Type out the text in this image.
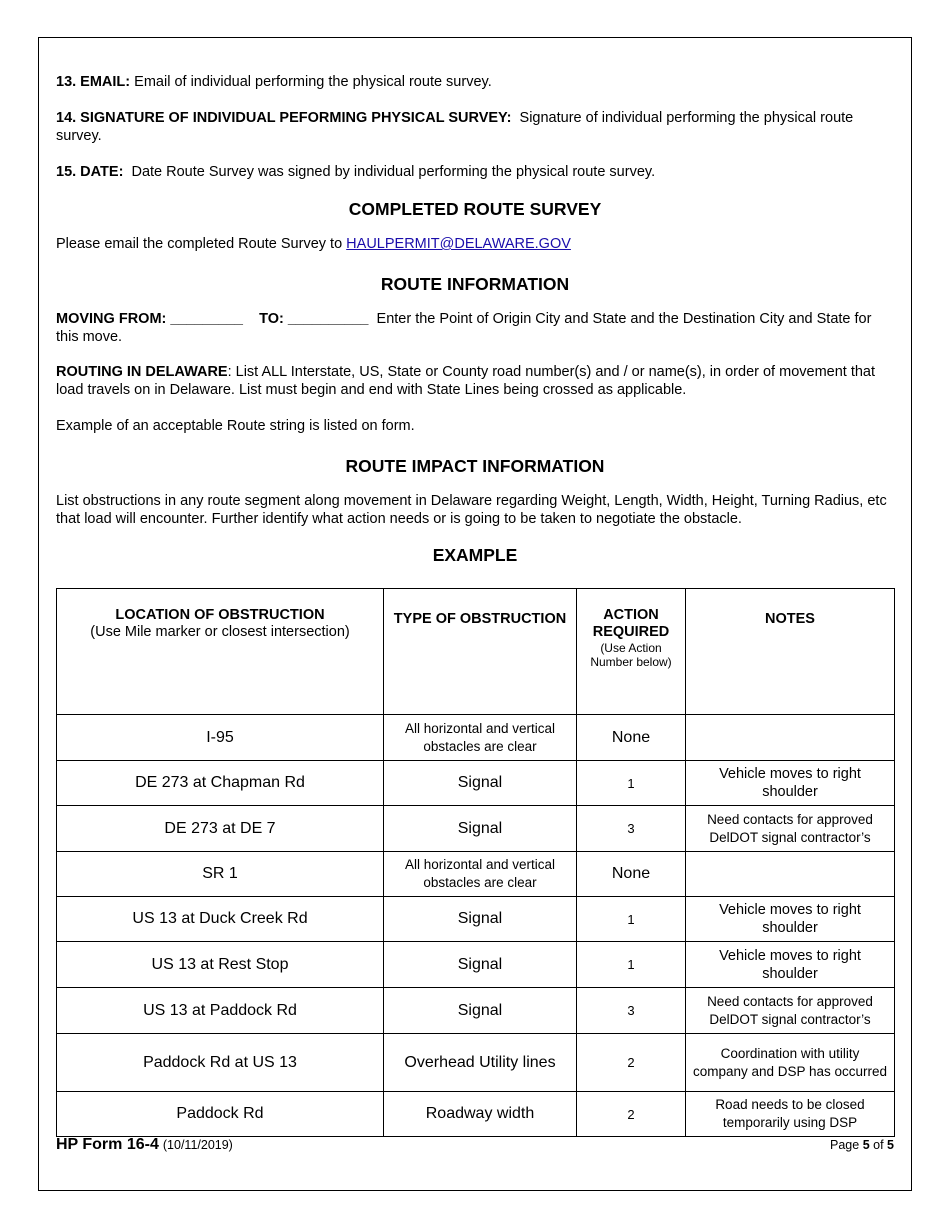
13. EMAIL: Email of individual performing the physical route survey.
14. SIGNATURE OF INDIVIDUAL PEFORMING PHYSICAL SURVEY: Signature of individual performing the physical route survey.
15. DATE: Date Route Survey was signed by individual performing the physical route survey.
COMPLETED ROUTE SURVEY
Please email the completed Route Survey to HAULPERMIT@DELAWARE.GOV
ROUTE INFORMATION
MOVING FROM: _________ TO: __________ Enter the Point of Origin City and State and the Destination City and State for this move.
ROUTING IN DELAWARE: List ALL Interstate, US, State or County road number(s) and / or name(s), in order of movement that load travels on in Delaware. List must begin and end with State Lines being crossed as applicable.
Example of an acceptable Route string is listed on form.
ROUTE IMPACT INFORMATION
List obstructions in any route segment along movement in Delaware regarding Weight, Length, Width, Height, Turning Radius, etc that load will encounter. Further identify what action needs or is going to be taken to negotiate the obstacle.
EXAMPLE
LOCATION OF OBSTRUCTION
(Use Mile marker or closest intersection)	TYPE OF OBSTRUCTION	ACTION REQUIRED
(Use Action Number below)	NOTES

I-95	All horizontal and vertical obstacles are clear	None	
DE 273 at Chapman Rd	Signal	1	Vehicle moves to right shoulder
DE 273 at DE 7	Signal	3	Need contacts for approved DelDOT signal contractor’s
SR 1	All horizontal and vertical obstacles are clear	None	
US 13 at Duck Creek Rd	Signal	1	Vehicle moves to right shoulder
US 13 at Rest Stop	Signal	1	Vehicle moves to right shoulder
US 13 at Paddock Rd	Signal	3	Need contacts for approved DelDOT signal contractor’s
Paddock Rd at US 13	Overhead Utility lines	2	Coordination with utility company and DSP has occurred
Paddock Rd	Roadway width	2	Road needs to be closed temporarily using DSP
HP Form 16-4 (10/11/2019)	Page 5 of 5
